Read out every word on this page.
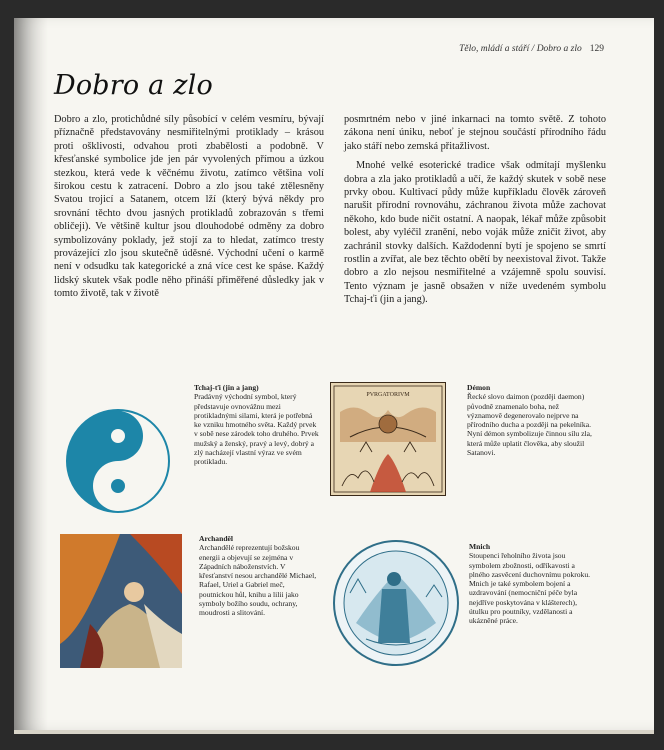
Tělo, mládí a stáří / Dobro a zlo 129
Dobro a zlo

Dobro a zlo, protichůdné síly působící v celém vesmíru, bývají příznačně představovány nesmiřitelnými protiklady – krásou proti ošklivosti, odvahou proti zbabělosti a podobně. V křesťanské symbolice jde jen pár vyvolených přímou a úzkou stezkou, která vede k věčnému životu, zatímco většina volí širokou cestu k zatracení. Dobro a zlo jsou také ztělesněny Svatou trojicí a Satanem, otcem lží (který bývá někdy pro srovnání těchto dvou jasných protikladů zobrazován s třemi obličeji). Ve většině kultur jsou dlouhodobé odměny za dobro symbolizovány poklady, jež stojí za to hledat, zatímco tresty provázející zlo jsou skutečně úděsné. Východní učení o karmě není v odsudku tak kategorické a zná více cest ke spáse. Každý lidský skutek však podle něho přináší přiměřené důsledky jak v tomto životě, tak v životě

posmrtném nebo v jiné inkarnaci na tomto světě. Z tohoto zákona není úniku, neboť je stejnou součástí přírodního řádu jako stáří nebo zemská přitažlivost.

Mnohé velké esoterické tradice však odmítají myšlenku dobra a zla jako protikladů a učí, že každý skutek v sobě nese prvky obou. Kultivací půdy může kupříkladu člověk zároveň narušit přírodní rovnováhu, záchranou života může zachovat někoho, kdo bude ničit ostatní. A naopak, lékař může způsobit bolest, aby vyléčil zranění, nebo voják může zničit život, aby zachránil stovky dalších. Každodenní bytí je spojeno se smrtí rostlin a zvířat, ale bez těchto obětí by neexistoval život. Takže dobro a zlo nejsou nesmiřitelné a vzájemně spolu souvisí. Tento význam je jasně obsažen v níže uvedeném symbolu Tchaj-ťi (jin a jang).

Tchaj-ťi (jin a jang)
Pradávný východní symbol, který představuje ovnovážnu mezi protikladnými silami, která je potřebná ke vzniku hmotného světa. Každý prvek v sobě nese zárodek toho druhého. Prvek mužský a ženský, pravý a levý, dobrý a zlý nacházejí vlastní výraz ve svém protikladu.
PVRGATORIVM
Démon
Řecké slovo daimon (později daemon) původně znamenalo boha, než významově degenerovalo nejprve na přírodního ducha a později na pekelníka. Nyní démon symbolizuje činnou sílu zla, která může uplatit člověka, aby sloužil Satanovi.
Archanděl
Archandělé reprezentují božskou energii a objevují se zejména v Západních náboženstvích. V křesťanství nesou archandělé Michael, Rafael, Uriel a Gabriel meč, poutnickou hůl, knihu a lilii jako symboly božího soudu, ochrany, moudrosti a slitování.
Mnich
Stoupenci řeholního života jsou symbolem zbožnosti, odříkavosti a plného zasvěcení duchovnímu pokroku. Mnich je také symbolem bojení a uzdravování (nemocniční péče byla nejdříve poskytována v klášterech), útulku pro poutníky, vzdělanosti a ukázněné práce.
